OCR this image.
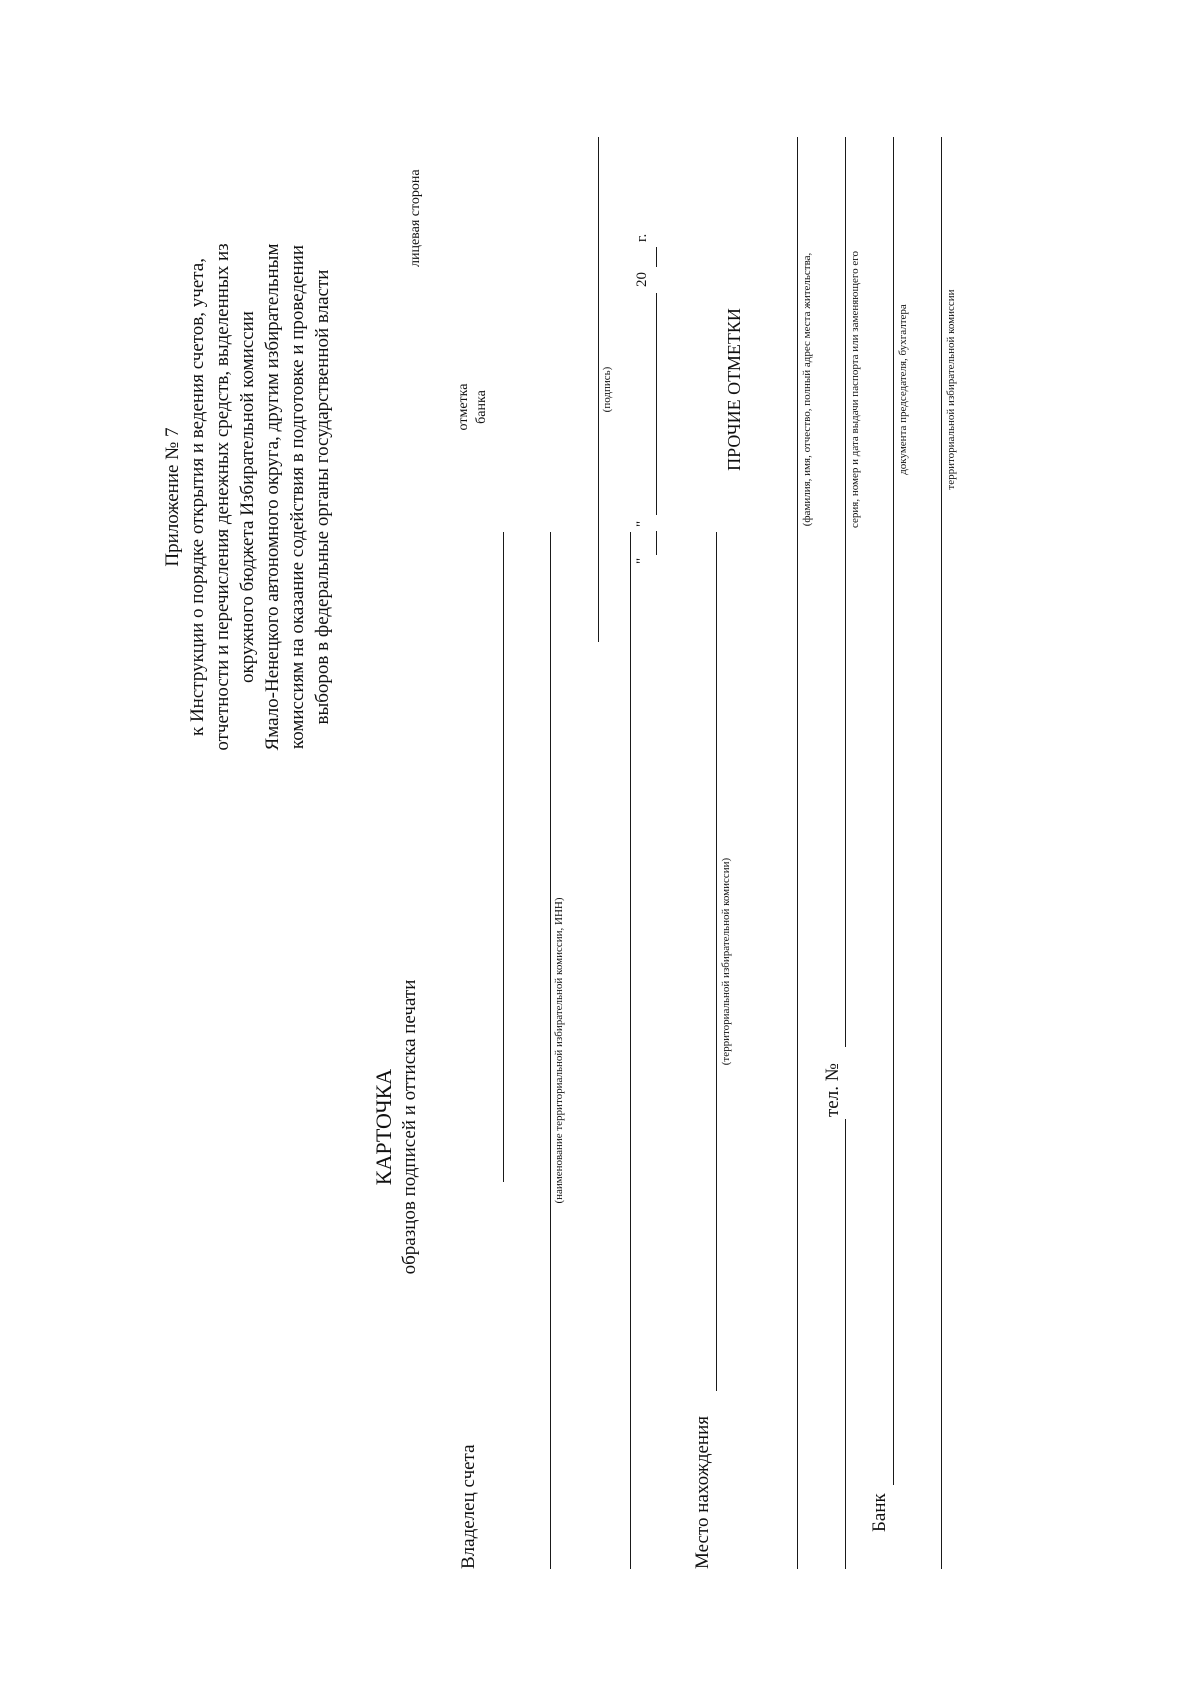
Приложение № 7 к Инструкции о порядке открытия и ведения счетов, учета, отчетности и перечисления денежных средств, выделенных из окружного бюджета Избирательной комиссии Ямало-Ненецкого автономного округа, другим избирательным комиссиям на оказание содействия в подготовке и проведении выборов в федеральные органы государственной власти
КАРТОЧКА образцов подписей и оттиска печати
Владелец счета
(наименование территориальной избирательной комиссии, ИНН)
Место нахождения
(территориальной избирательной комиссии)
тел. №
Банк
лицевая сторона
отметка банка	(подпись)
"
"
20
г.
ПРОЧИЕ ОТМЕТКИ	(фамилия, имя, отчество, полный адрес места жительства,	серия, номер и дата выдачи паспорта или заменяющего его	документа председателя, бухгалтера	территориальной избирательной комиссии
